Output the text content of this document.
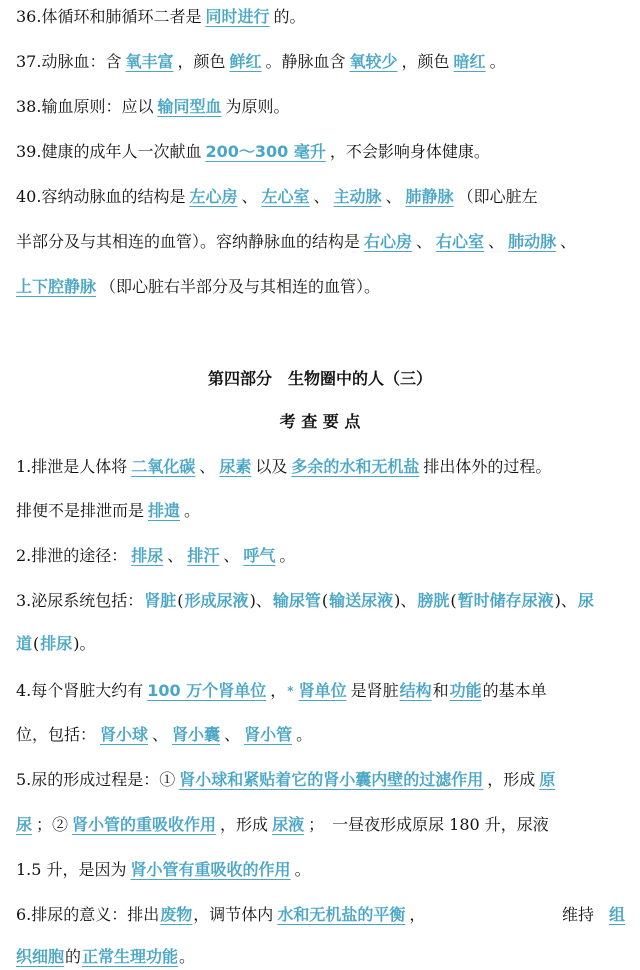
36.体循环和肺循环二者是 同时进行 的。
37.动脉血：含 氧丰富 ，颜色 鲜红 。静脉血含 氧较少 ，颜色 暗红 。
38.输血原则：应以 输同型血 为原则。
39.健康的成年人一次献血 200～300 毫升 ，不会影响身体健康。
40.容纳动脉血的结构是 左心房 、 左心室 、 主动脉 、 肺静脉 （即心脏左
半部分及与其相连的血管）。容纳静脉血的结构是 右心房 、 右心室 、 肺动脉 、
上下腔静脉 （即心脏右半部分及与其相连的血管）。
第四部分　生物圈中的人（三）
考 查 要 点
1.排泄是人体将 二氧化碳 、 尿素 以及 多余的水和无机盐 排出体外的过程。
排便不是排泄而是 排遗 。
2.排泄的途径： 排尿 、 排汗 、 呼气 。
3.泌尿系统包括：肾脏(形成尿液)、输尿管(输送尿液)、膀胱(暂时储存尿液)、尿
道(排尿)。
4.每个肾脏大约有 100 万个肾单位 ，* 肾单位 是肾脏结构和功能的基本单
位，包括： 肾小球 、 肾小囊 、 肾小管 。
5.尿的形成过程是：① 肾小球和紧贴着它的肾小囊内壁的过滤作用 ，形成 原
尿 ；② 肾小管的重吸收作用 ，形成 尿液 ；　一昼夜形成原尿 180 升，尿液
1.5 升，是因为 肾小管有重吸收的作用 。
6.排尿的意义：排出废物，调节体内 水和无机盐的平衡 ，	维持 组
织细胞的正常生理功能。
